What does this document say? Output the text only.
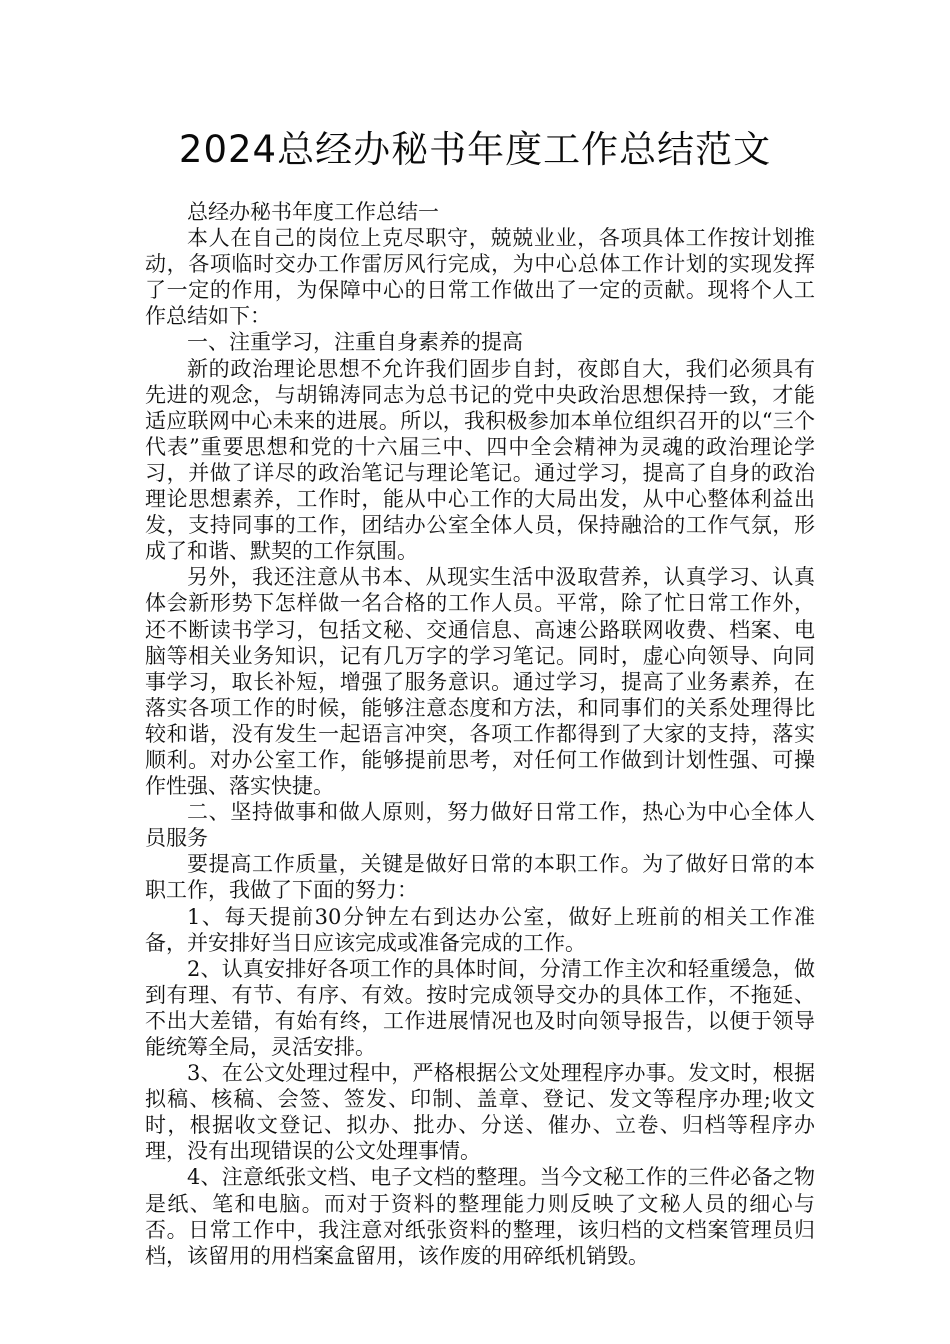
2024总经办秘书年度工作总结范文

总经办秘书年度工作总结一

本人在自己的岗位上克尽职守，兢兢业业，各项具体工作按计划推动，各项临时交办工作雷厉风行完成，为中心总体工作计划的实现发挥了一定的作用，为保障中心的日常工作做出了一定的贡献。现将个人工作总结如下：

一、注重学习，注重自身素养的提高

新的政治理论思想不允许我们固步自封，夜郎自大，我们必须具有先进的观念，与胡锦涛同志为总书记的党中央政治思想保持一致，才能适应联网中心未来的进展。所以，我积极参加本单位组织召开的以“三个代表”重要思想和党的十六届三中、四中全会精神为灵魂的政治理论学习，并做了详尽的政治笔记与理论笔记。通过学习，提高了自身的政治理论思想素养，工作时，能从中心工作的大局出发，从中心整体利益出发，支持同事的工作，团结办公室全体人员，保持融洽的工作气氛，形成了和谐、默契的工作氛围。

另外，我还注意从书本、从现实生活中汲取营养，认真学习、认真体会新形势下怎样做一名合格的工作人员。平常，除了忙日常工作外，还不断读书学习，包括文秘、交通信息、高速公路联网收费、档案、电脑等相关业务知识，记有几万字的学习笔记。同时，虚心向领导、向同事学习，取长补短，增强了服务意识。通过学习，提高了业务素养，在落实各项工作的时候，能够注意态度和方法，和同事们的关系处理得比较和谐，没有发生一起语言冲突，各项工作都得到了大家的支持，落实顺利。对办公室工作，能够提前思考，对任何工作做到计划性强、可操作性强、落实快捷。

二、坚持做事和做人原则，努力做好日常工作，热心为中心全体人员服务

要提高工作质量，关键是做好日常的本职工作。为了做好日常的本职工作，我做了下面的努力：

1、每天提前30分钟左右到达办公室，做好上班前的相关工作准备，并安排好当日应该完成或准备完成的工作。

2、认真安排好各项工作的具体时间，分清工作主次和轻重缓急，做到有理、有节、有序、有效。按时完成领导交办的具体工作，不拖延、不出大差错，有始有终，工作进展情况也及时向领导报告，以便于领导能统筹全局，灵活安排。

3、在公文处理过程中，严格根据公文处理程序办事。发文时，根据拟稿、核稿、会签、签发、印制、盖章、登记、发文等程序办理;收文时，根据收文登记、拟办、批办、分送、催办、立卷、归档等程序办理，没有出现错误的公文处理事情。

4、注意纸张文档、电子文档的整理。当今文秘工作的三件必备之物是纸、笔和电脑。而对于资料的整理能力则反映了文秘人员的细心与否。日常工作中，我注意对纸张资料的整理，该归档的文档案管理员归档，该留用的用档案盒留用，该作废的用碎纸机销毁。
